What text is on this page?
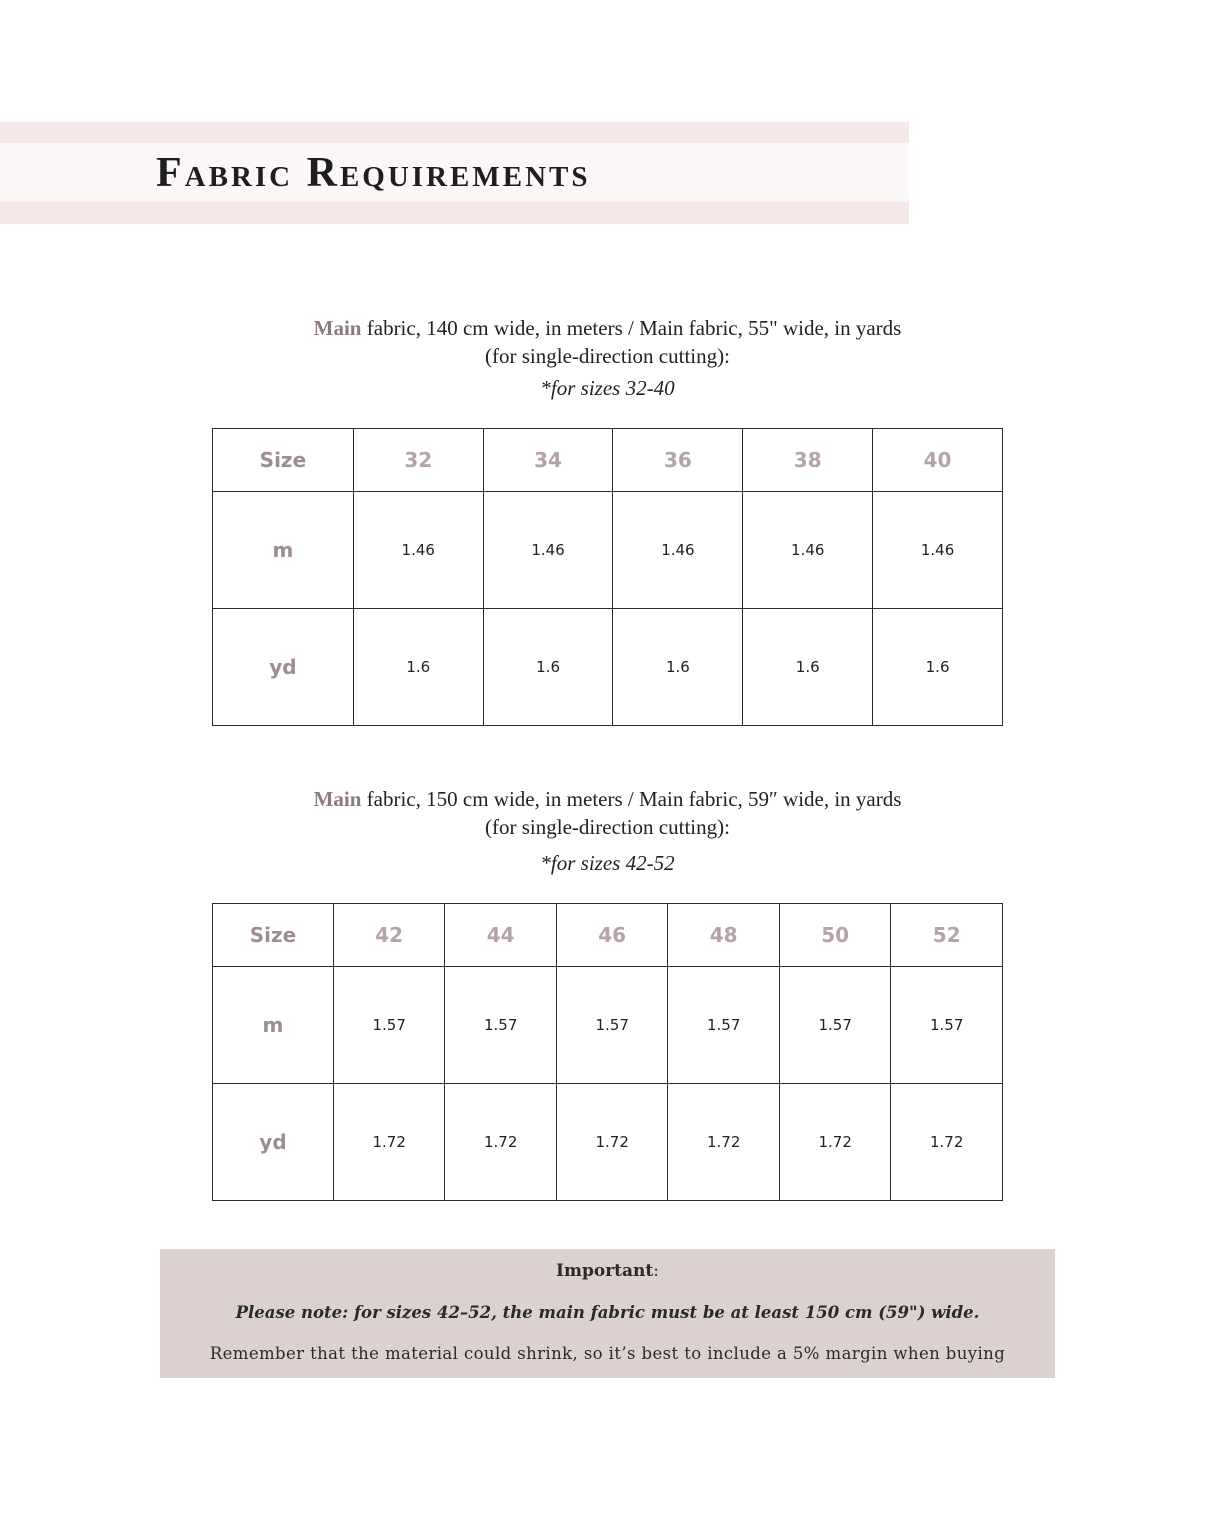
Fabric Requirements
Main fabric, 140 cm wide, in meters / Main fabric, 55" wide, in yards
(for single-direction cutting):
*for sizes 32-40
Size	32	34	36	38	40
m	1.46	1.46	1.46	1.46	1.46
yd	1.6	1.6	1.6	1.6	1.6
Main fabric, 150 cm wide, in meters / Main fabric, 59″ wide, in yards
(for single-direction cutting):
*for sizes 42-52
Size	42	44	46	48	50	52
m	1.57	1.57	1.57	1.57	1.57	1.57
yd	1.72	1.72	1.72	1.72	1.72	1.72
Important:
Please note: for sizes 42–52, the main fabric must be at least 150 cm (59") wide.
Remember that the material could shrink, so it’s best to include a 5% margin when buying
